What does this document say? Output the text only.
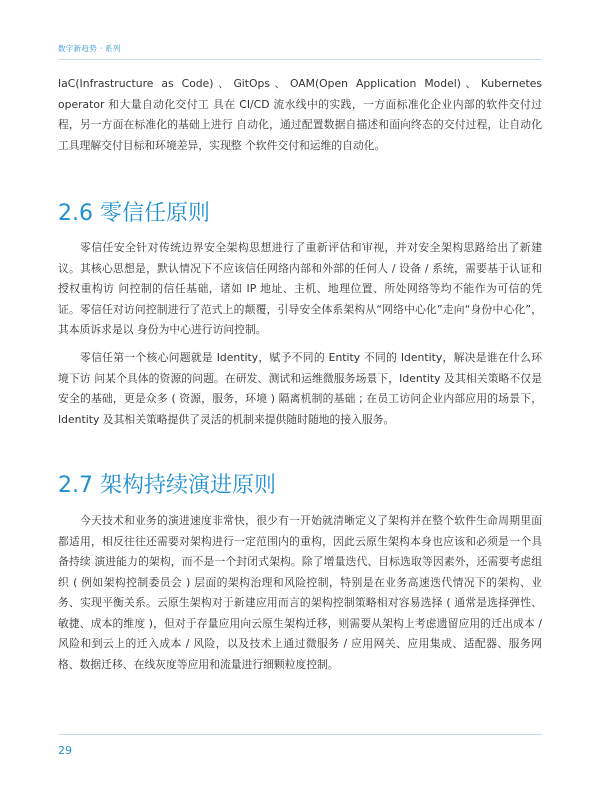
数字新趋势 · 系列

IaC(Infrastructure as Code)、GitOps、OAM(Open Application Model)、Kubernetes operator 和大量自动化交付工 具在 CI/CD 流水线中的实践，一方面标准化企业内部的软件交付过程，另一方面在标准化的基础上进行 自动化，通过配置数据自描述和面向终态的交付过程，让自动化工具理解交付目标和环境差异，实现整 个软件交付和运维的自动化。

2.6 零信任原则

零信任安全针对传统边界安全架构思想进行了重新评估和审视，并对安全架构思路给出了新建议。其核心思想是，默认情况下不应该信任网络内部和外部的任何人 / 设备 / 系统，需要基于认证和授权重构访 问控制的信任基础，诸如 IP 地址、主机、地理位置、所处网络等均不能作为可信的凭证。零信任对访问控制进行了范式上的颠覆，引导安全体系架构从“网络中心化”走向“身份中心化”，其本质诉求是以 身份为中心进行访问控制。

零信任第一个核心问题就是 Identity，赋予不同的 Entity 不同的 Identity，解决是谁在什么环境下访 问某个具体的资源的问题。在研发、测试和运维微服务场景下，Identity 及其相关策略不仅是安全的基础，更是众多 ( 资源，服务，环境 ) 隔离机制的基础 ; 在员工访问企业内部应用的场景下，Identity 及其相关策略提供了灵活的机制来提供随时随地的接入服务。

2.7 架构持续演进原则

今天技术和业务的演进速度非常快，很少有一开始就清晰定义了架构并在整个软件生命周期里面都适用，相反往往还需要对架构进行一定范围内的重构，因此云原生架构本身也应该和必须是一个具备持续 演进能力的架构，而不是一个封闭式架构。除了增量迭代、目标选取等因素外，还需要考虑组织 ( 例如架构控制委员会 ) 层面的架构治理和风险控制，特别是在业务高速迭代情况下的架构、业务、实现平衡关系。云原生架构对于新建应用而言的架构控制策略相对容易选择 ( 通常是选择弹性、敏捷、成本的维度 )，但对于存量应用向云原生架构迁移，则需要从架构上考虑遗留应用的迁出成本 / 风险和到云上的迁入成本 / 风险，以及技术上通过微服务 / 应用网关、应用集成、适配器、服务网格、数据迁移、在线灰度等应用和流量进行细颗粒度控制。

29
